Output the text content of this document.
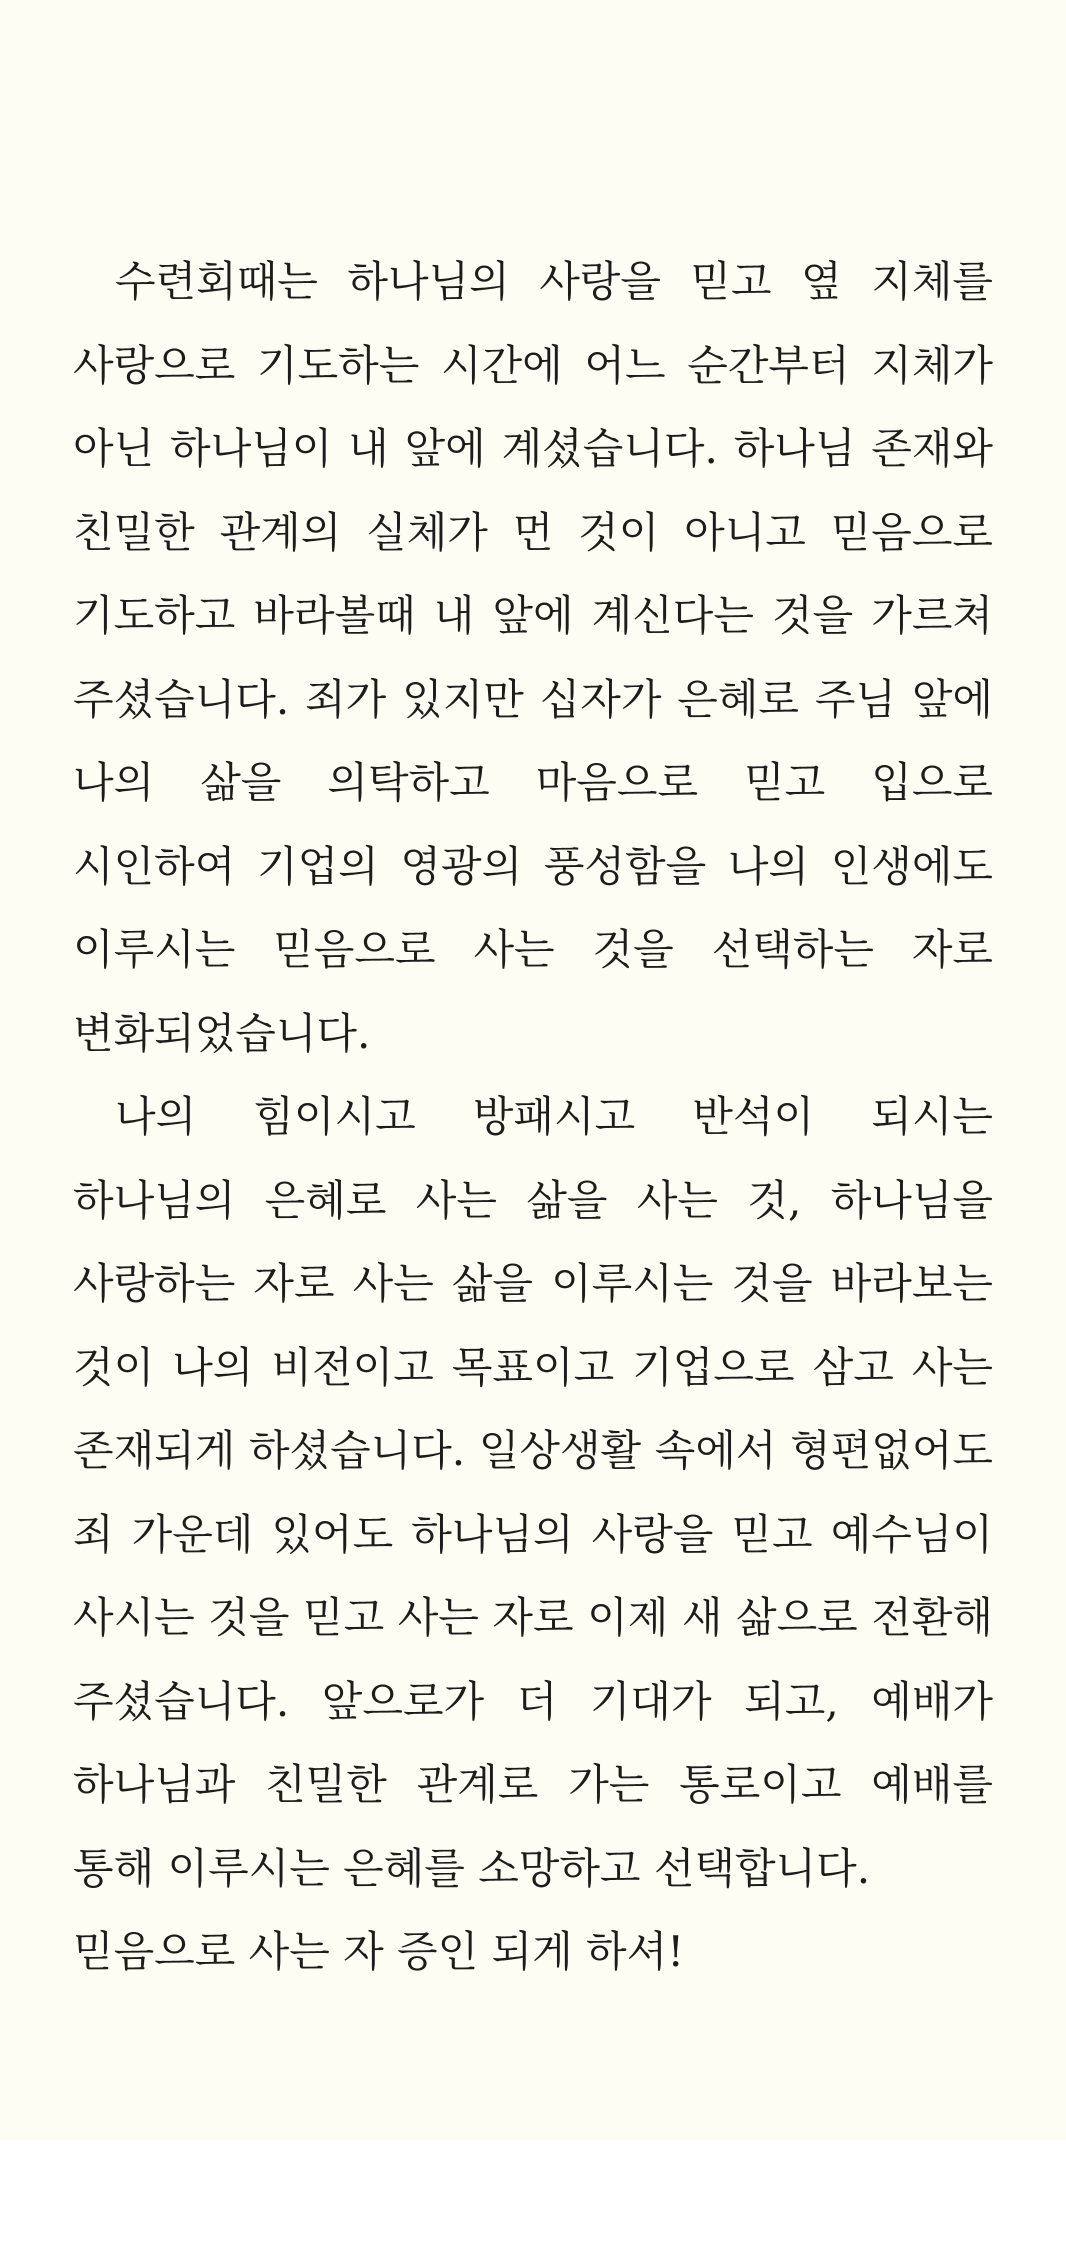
수련회때는 하나님의 사랑을 믿고 옆 지체를 사랑으로 기도하는 시간에 어느 순간부터 지체가 아닌 하나님이 내 앞에 계셨습니다. 하나님 존재와 친밀한 관계의 실체가 먼 것이 아니고 믿음으로 기도하고 바라볼때 내 앞에 계신다는 것을 가르쳐 주셨습니다. 죄가 있지만 십자가 은혜로 주님 앞에 나의 삶을 의탁하고 마음으로 믿고 입으로 시인하여 기업의 영광의 풍성함을 나의 인생에도 이루시는 믿음으로 사는 것을 선택하는 자로 변화되었습니다.

나의 힘이시고 방패시고 반석이 되시는 하나님의 은혜로 사는 삶을 사는 것, 하나님을 사랑하는 자로 사는 삶을 이루시는 것을 바라보는 것이 나의 비전이고 목표이고 기업으로 삼고 사는 존재되게 하셨습니다. 일상생활 속에서 형편없어도 죄 가운데 있어도 하나님의 사랑을 믿고 예수님이 사시는 것을 믿고 사는 자로 이제 새 삶으로 전환해 주셨습니다. 앞으로가 더 기대가 되고, 예배가 하나님과 친밀한 관계로 가는 통로이고 예배를 통해 이루시는 은혜를 소망하고 선택합니다.

믿음으로 사는 자 증인 되게 하셔!
